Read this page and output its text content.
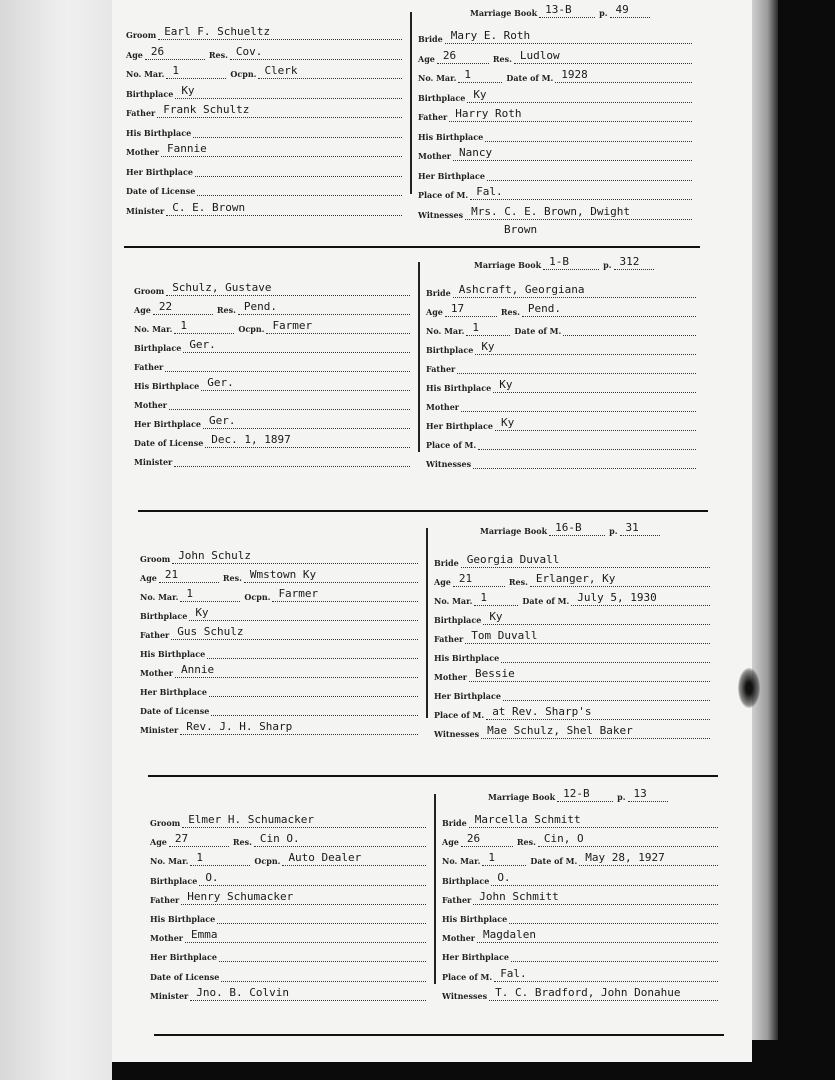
Marriage Book 13-B	p. 49
Groom Earl F. Schueltz
Age 26	Res. Cov.
No. Mar. 1	Ocpn. Clerk
Birthplace Ky
Father Frank Schultz
His Birthplace
Mother Fannie
Her Birthplace
Date of License
Minister C. E. Brown
Bride Mary E. Roth
Age 26	Res. Ludlow
No. Mar. 1	Date of M. 1928
Birthplace Ky
Father Harry Roth
His Birthplace
Mother Nancy
Her Birthplace
Place of M. Fal.
Witnesses Mrs. C. E. Brown, Dwight
Brown
Marriage Book 1-B	p. 312
Groom Schulz, Gustave
Age 22	Res. Pend.
No. Mar. 1	Ocpn. Farmer
Birthplace Ger.
Father
His Birthplace Ger.
Mother
Her Birthplace Ger.
Date of License Dec. 1, 1897
Minister
Bride Ashcraft, Georgiana
Age 17	Res. Pend.
No. Mar. 1	Date of M.
Birthplace Ky
Father
His Birthplace Ky
Mother
Her Birthplace Ky
Place of M.
Witnesses
Marriage Book 16-B	p. 31
Groom John Schulz
Age 21	Res. Wmstown Ky
No. Mar. 1	Ocpn. Farmer
Birthplace Ky
Father Gus Schulz
His Birthplace
Mother Annie
Her Birthplace
Date of License
Minister Rev. J. H. Sharp
Bride Georgia Duvall
Age 21	Res. Erlanger, Ky
No. Mar. 1	Date of M. July 5, 1930
Birthplace Ky
Father Tom Duvall
His Birthplace
Mother Bessie
Her Birthplace
Place of M. at Rev. Sharp's
Witnesses Mae Schulz, Shel Baker
Marriage Book 12-B	p. 13
Groom Elmer H. Schumacker
Age 27	Res. Cin O.
No. Mar. 1	Ocpn. Auto Dealer
Birthplace O.
Father Henry Schumacker
His Birthplace
Mother Emma
Her Birthplace
Date of License
Minister Jno. B. Colvin
Bride Marcella Schmitt
Age 26	Res. Cin, O
No. Mar. 1	Date of M. May 28, 1927
Birthplace O.
Father John Schmitt
His Birthplace
Mother Magdalen
Her Birthplace
Place of M. Fal.
Witnesses T. C. Bradford, John Donahue
